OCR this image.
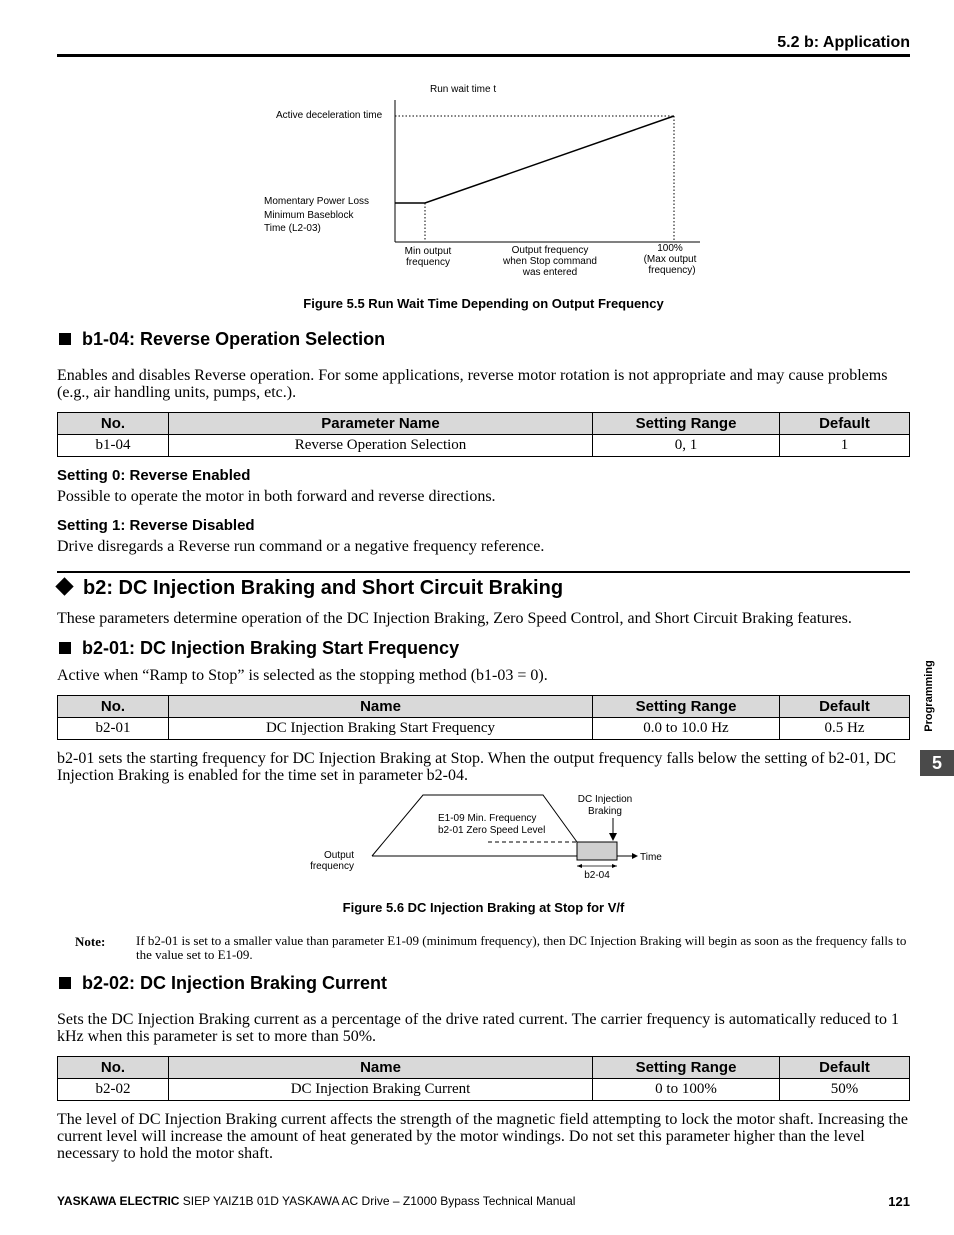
5.2 b: Application
Run wait time t
Active deceleration time
Momentary Power Loss
Minimum Baseblock
Time (L2-03)
Min output
frequency
Output frequency
when Stop command
was entered
100%
(Max output
frequency)
Figure 5.5 Run Wait Time Depending on Output Frequency
b1-04: Reverse Operation Selection
Enables and disables Reverse operation. For some applications, reverse motor rotation is not appropriate and may cause problems (e.g., air handling units, pumps, etc.).
No.	Parameter Name	Setting Range	Default
b1-04	Reverse Operation Selection	0, 1	1
Setting 0: Reverse Enabled
Possible to operate the motor in both forward and reverse directions.
Setting 1: Reverse Disabled
Drive disregards a Reverse run command or a negative frequency reference.
b2: DC Injection Braking and Short Circuit Braking
These parameters determine operation of the DC Injection Braking, Zero Speed Control, and Short Circuit Braking features.
b2-01: DC Injection Braking Start Frequency
Active when “Ramp to Stop” is selected as the stopping method (b1-03 = 0).
No.	Name	Setting Range	Default
b2-01	DC Injection Braking Start Frequency	0.0 to 10.0 Hz	0.5 Hz
b2-01 sets the starting frequency for DC Injection Braking at Stop. When the output frequency falls below the setting of b2-01, DC Injection Braking is enabled for the time set in parameter b2-04.
E1-09 Min. Frequency
b2-01 Zero Speed Level
DC Injection
Braking
Output
frequency
Time
b2-04
Figure 5.6 DC Injection Braking at Stop for V/f
Note: If b2-01 is set to a smaller value than parameter E1-09 (minimum frequency), then DC Injection Braking will begin as soon as the frequency falls to the value set to E1-09.
b2-02: DC Injection Braking Current
Sets the DC Injection Braking current as a percentage of the drive rated current. The carrier frequency is automatically reduced to 1 kHz when this parameter is set to more than 50%.
No.	Name	Setting Range	Default
b2-02	DC Injection Braking Current	0 to 100%	50%
The level of DC Injection Braking current affects the strength of the magnetic field attempting to lock the motor shaft. Increasing the current level will increase the amount of heat generated by the motor windings. Do not set this parameter higher than the level necessary to hold the motor shaft.
Programming
5
YASKAWA ELECTRIC SIEP YAIZ1B 01D YASKAWA AC Drive – Z1000 Bypass Technical Manual	121
